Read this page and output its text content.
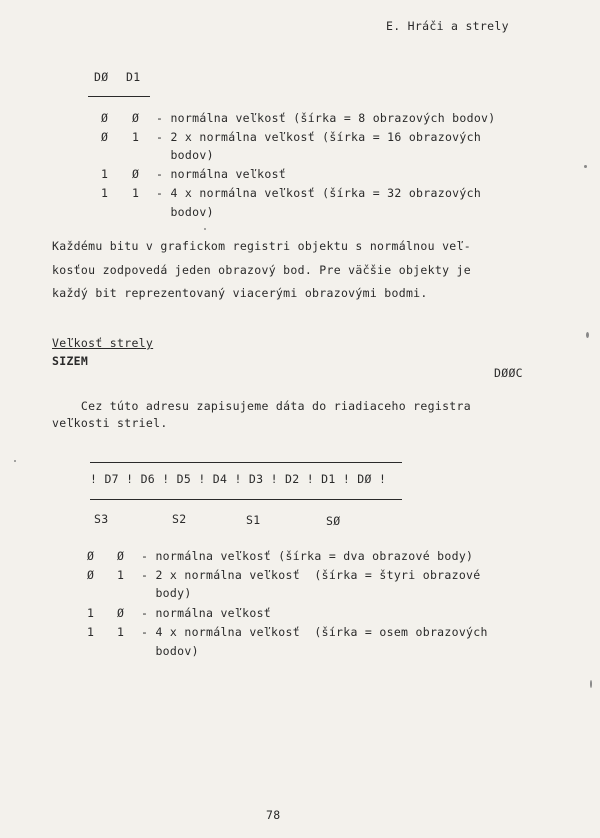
E. Hráči a strely
DØ D1
Ø Ø - normálna veľkosť (šírka = 8 obrazových bodov)
Ø 1 - 2 x normálna veľkosť (šírka = 16 obrazových
bodov)
1 Ø - normálna veľkosť
1 1 - 4 x normálna veľkosť (šírka = 32 obrazových
bodov)
Každému bitu v grafickom registri objektu s normálnou veľ-
kosťou zodpovedá jeden obrazový bod. Pre väčšie objekty je
každý bit reprezentovaný viacerými obrazovými bodmi.
Veľkosť strely
SIZEM
DØØC
Cez túto adresu zapisujeme dáta do riadiaceho registra
veľkosti striel.
! D7 ! D6 ! D5 ! D4 ! D3 ! D2 ! D1 ! DØ !
S3	S2	S1	SØ
Ø Ø - normálna veľkosť (šírka = dva obrazové body)
Ø 1 - 2 x normálna veľkosť  (šírka = štyri obrazové
body)
1 Ø - normálna veľkosť
1 1 - 4 x normálna veľkosť  (šírka = osem obrazových
bodov)
78
